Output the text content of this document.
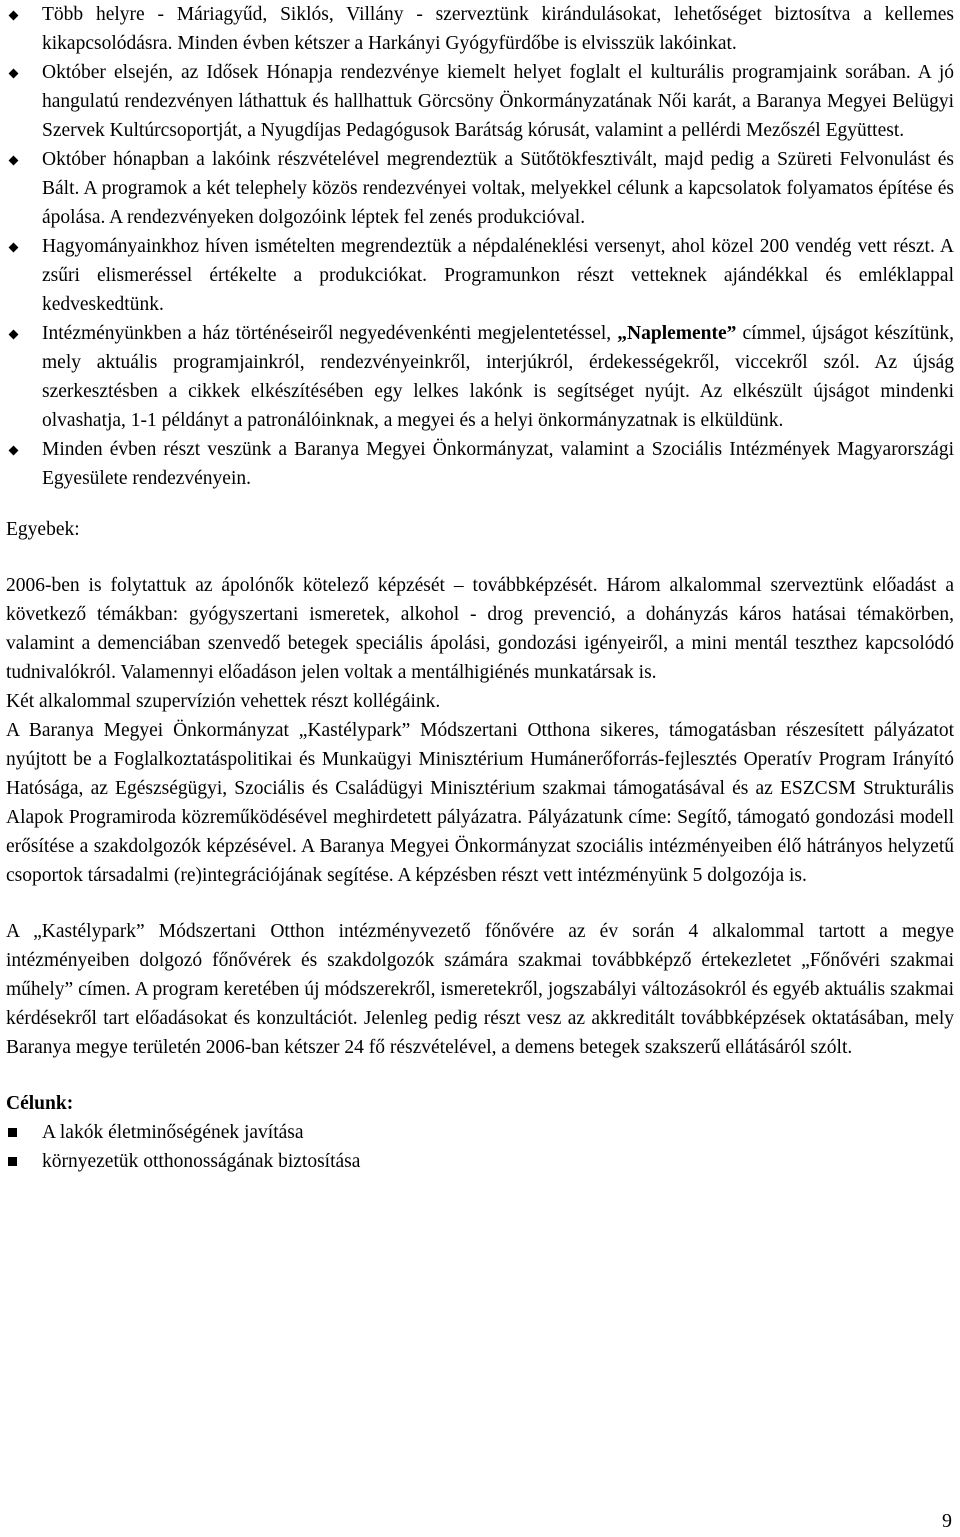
Több helyre - Máriagyűd, Siklós, Villány - szerveztünk kirándulásokat, lehetőséget biztosítva a kellemes kikapcsolódásra. Minden évben kétszer a Harkányi Gyógyfürdőbe is elvisszük lakóinkat.
Október elsején, az Idősek Hónapja rendezvénye kiemelt helyet foglalt el kulturális programjaink sorában. A jó hangulatú rendezvényen láthattuk és hallhattuk Görcsöny Önkormányzatának Női karát, a Baranya Megyei Belügyi Szervek Kultúrcsoportját, a Nyugdíjas Pedagógusok Barátság kórusát, valamint a pellérdi Mezőszél Együttest.
Október hónapban a lakóink részvételével megrendeztük a Sütőtökfesztivált, majd pedig a Szüreti Felvonulást és Bált. A programok a két telephely közös rendezvényei voltak, melyekkel célunk a kapcsolatok folyamatos építése és ápolása. A rendezvényeken dolgozóink léptek fel zenés produkcióval.
Hagyományainkhoz híven ismételten megrendeztük a népdaléneklési versenyt, ahol közel 200 vendég vett részt. A zsűri elismeréssel értékelte a produkciókat. Programunkon részt vetteknek ajándékkal és emléklappal kedveskedtünk.
Intézményünkben a ház történéseiről negyedévenkénti megjelentetéssel, „Naplemente” címmel, újságot készítünk, mely aktuális programjainkról, rendezvényeinkről, interjúkról, érdekességekről, viccekről szól. Az újság szerkesztésben a cikkek elkészítésében egy lelkes lakónk is segítséget nyújt. Az elkészült újságot mindenki olvashatja, 1-1 példányt a patronálóinknak, a megyei és a helyi önkormányzatnak is elküldünk.
Minden évben részt veszünk a Baranya Megyei Önkormányzat, valamint a Szociális Intézmények Magyarországi Egyesülete rendezvényein.

Egyebek:

2006-ben is folytattuk az ápolónők kötelező képzését – továbbképzését. Három alkalommal szerveztünk előadást a következő témákban: gyógyszertani ismeretek, alkohol - drog prevenció, a dohányzás káros hatásai témakörben, valamint a demenciában szenvedő betegek speciális ápolási, gondozási igényeiről, a mini mentál teszthez kapcsolódó tudnivalókról. Valamennyi előadáson jelen voltak a mentálhigiénés munkatársak is.

Két alkalommal szupervízión vehettek részt kollégáink.

A Baranya Megyei Önkormányzat „Kastélypark” Módszertani Otthona sikeres, támogatásban részesített pályázatot nyújtott be a Foglalkoztatáspolitikai és Munkaügyi Minisztérium Humánerőforrás-fejlesztés Operatív Program Irányító Hatósága, az Egészségügyi, Szociális és Családügyi Minisztérium szakmai támogatásával és az ESZCSM Strukturális Alapok Programiroda közreműködésével meghirdetett pályázatra. Pályázatunk címe: Segítő, támogató gondozási modell erősítése a szakdolgozók képzésével. A Baranya Megyei Önkormányzat szociális intézményeiben élő hátrányos helyzetű csoportok társadalmi (re)integrációjának segítése. A képzésben részt vett intézményünk 5 dolgozója is.

A „Kastélypark” Módszertani Otthon intézményvezető főnővére az év során 4 alkalommal tartott a megye intézményeiben dolgozó főnővérek és szakdolgozók számára szakmai továbbképző értekezletet „Főnővéri szakmai műhely” címen. A program keretében új módszerekről, ismeretekről, jogszabályi változásokról és egyéb aktuális szakmai kérdésekről tart előadásokat és konzultációt. Jelenleg pedig részt vesz az akkreditált továbbképzések oktatásában, mely Baranya megye területén 2006-ban kétszer 24 fő részvételével, a demens betegek szakszerű ellátásáról szólt.

Célunk:

A lakók életminőségének javítása
környezetük otthonosságának biztosítása
9
